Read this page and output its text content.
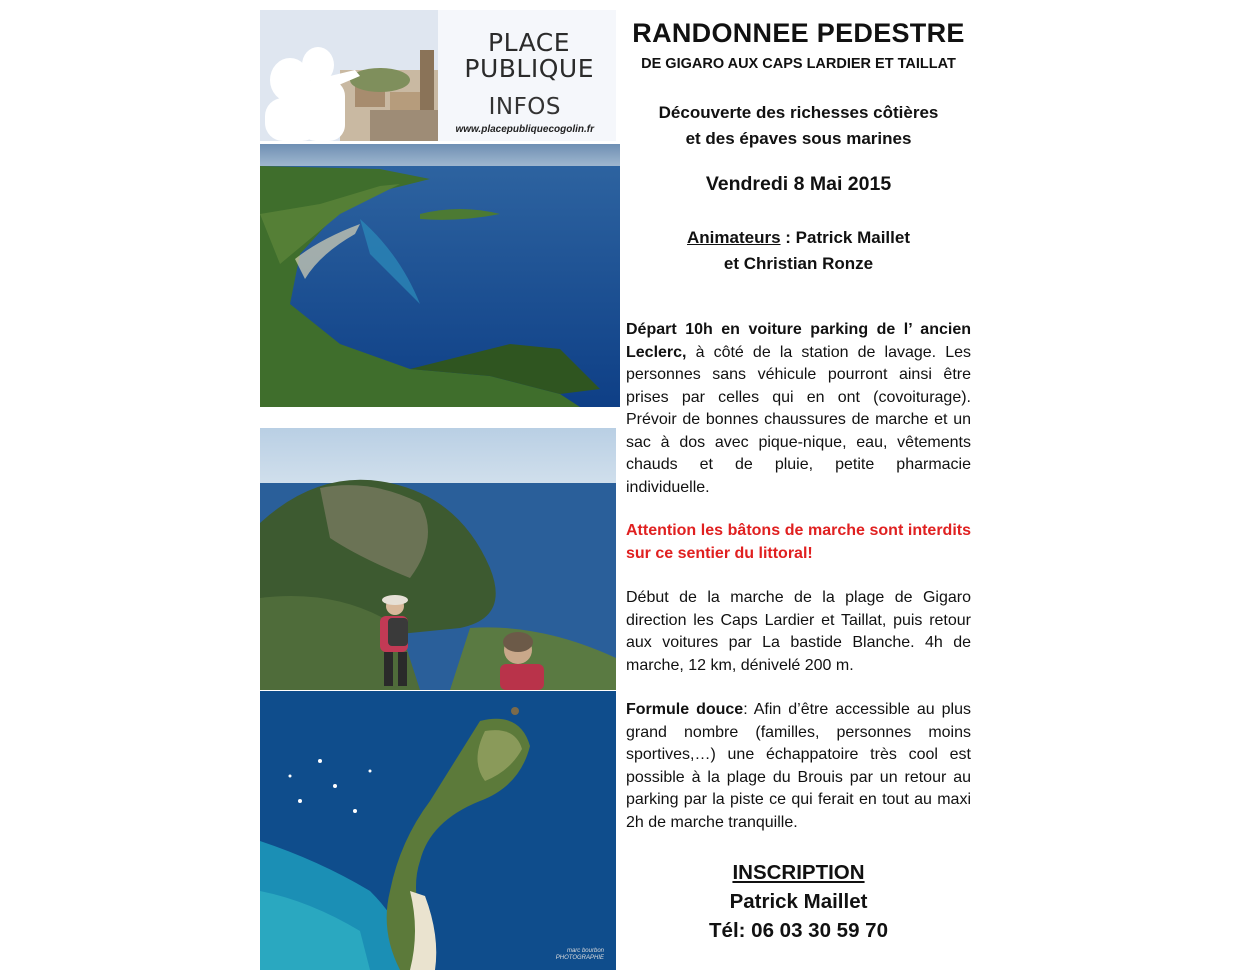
PLACE
PUBLIQUE
INFOS
www.placepubliquecogolin.fr
marc bourbon
PHOTOGRAPHIE
RANDONNEE PEDESTRE
DE GIGARO AUX CAPS LARDIER ET TAILLAT
Découverte des richesses côtières
et des épaves sous marines
Vendredi 8 Mai 2015
Animateurs : Patrick Maillet
et Christian Ronze

Départ 10h en voiture parking de l’ ancien Leclerc, à côté de la station de lavage. Les personnes sans véhicule pourront ainsi être prises par celles qui en ont (covoiturage). Prévoir de bonnes chaussures de marche et un sac à dos avec pique-nique, eau, vêtements chauds et de pluie, petite pharmacie individuelle.

Attention les bâtons de marche sont interdits sur ce sentier du littoral!

Début de la marche de la plage de Gigaro direction les Caps Lardier et Taillat, puis retour aux voitures par La bastide Blanche. 4h de marche, 12 km, dénivelé 200 m.

Formule douce: Afin d’être accessible au plus grand nombre (familles, personnes moins sportives,…) une échappatoire très cool est possible à la plage du Brouis par un retour au parking par la piste ce qui ferait en tout au maxi 2h de marche tranquille.

INSCRIPTION
Patrick Maillet
Tél: 06 03 30 59 70
